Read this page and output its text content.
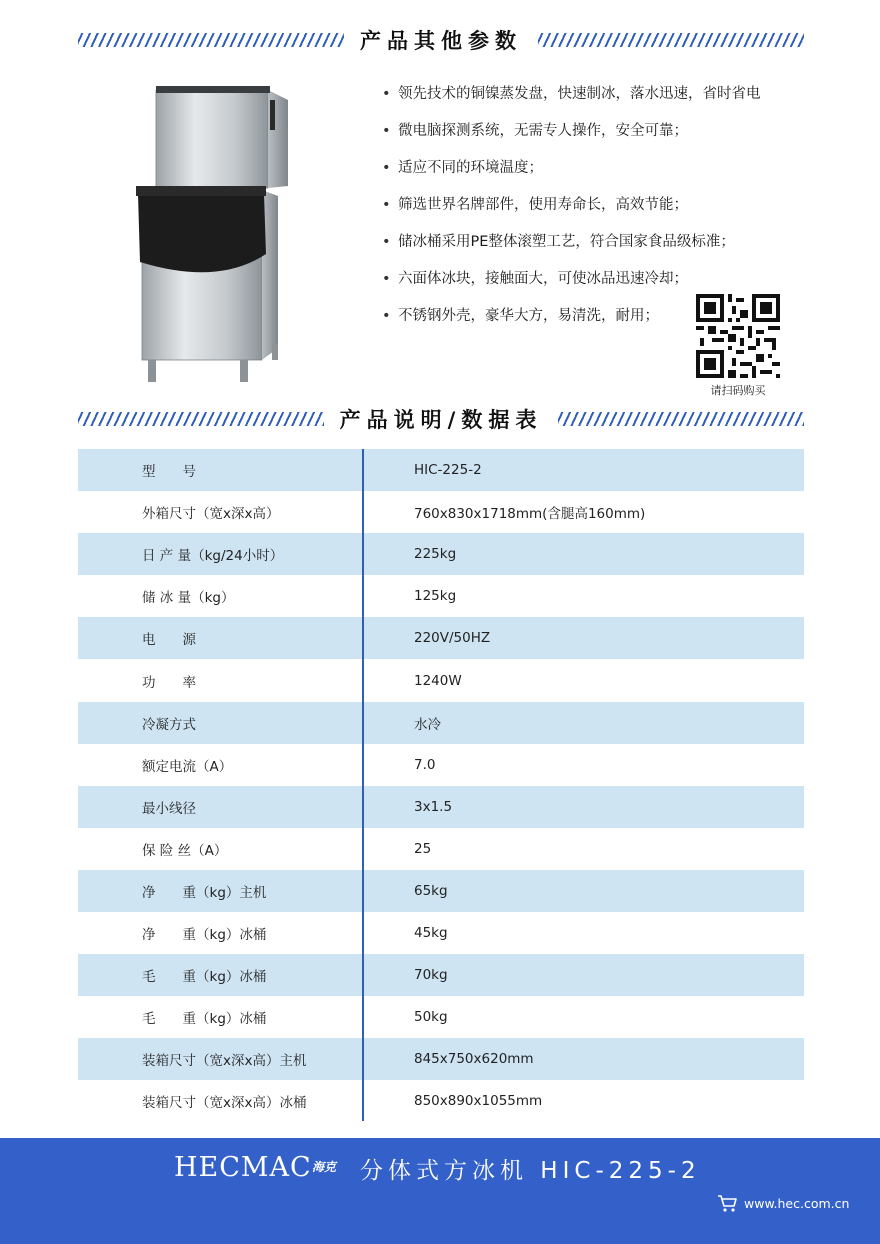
产品其他参数
• 领先技术的铜镍蒸发盘，快速制冰，落水迅速，省时省电
• 微电脑探测系统，无需专人操作，安全可靠；
• 适应不同的环境温度；
• 筛选世界名牌部件，使用寿命长，高效节能；
• 储冰桶采用PE整体滚塑工艺，符合国家食品级标准；
• 六面体冰块，接触面大，可使冰品迅速冷却；
• 不锈钢外壳，豪华大方，易清洗，耐用；
请扫码购买
产品说明/数据表
型　　号	HIC-225-2
外箱尺寸（宽x深x高）	760x830x1718mm(含腿高160mm)
日 产 量（kg/24小时）	225kg
储 冰 量（kg）	125kg
电　　源	220V/50HZ
功　　率	1240W
冷凝方式	水冷
额定电流（A）	7.0
最小线径	3x1.5
保 险 丝（A）	25
净　　重（kg）主机	65kg
净　　重（kg）冰桶	45kg
毛　　重（kg）冰桶	70kg
毛　　重（kg）冰桶	50kg
装箱尺寸（宽x深x高）主机	845x750x620mm
装箱尺寸（宽x深x高）冰桶	850x890x1055mm
HECMAC 海克 分体式方冰机 HIC-225-2
www.hec.com.cn
